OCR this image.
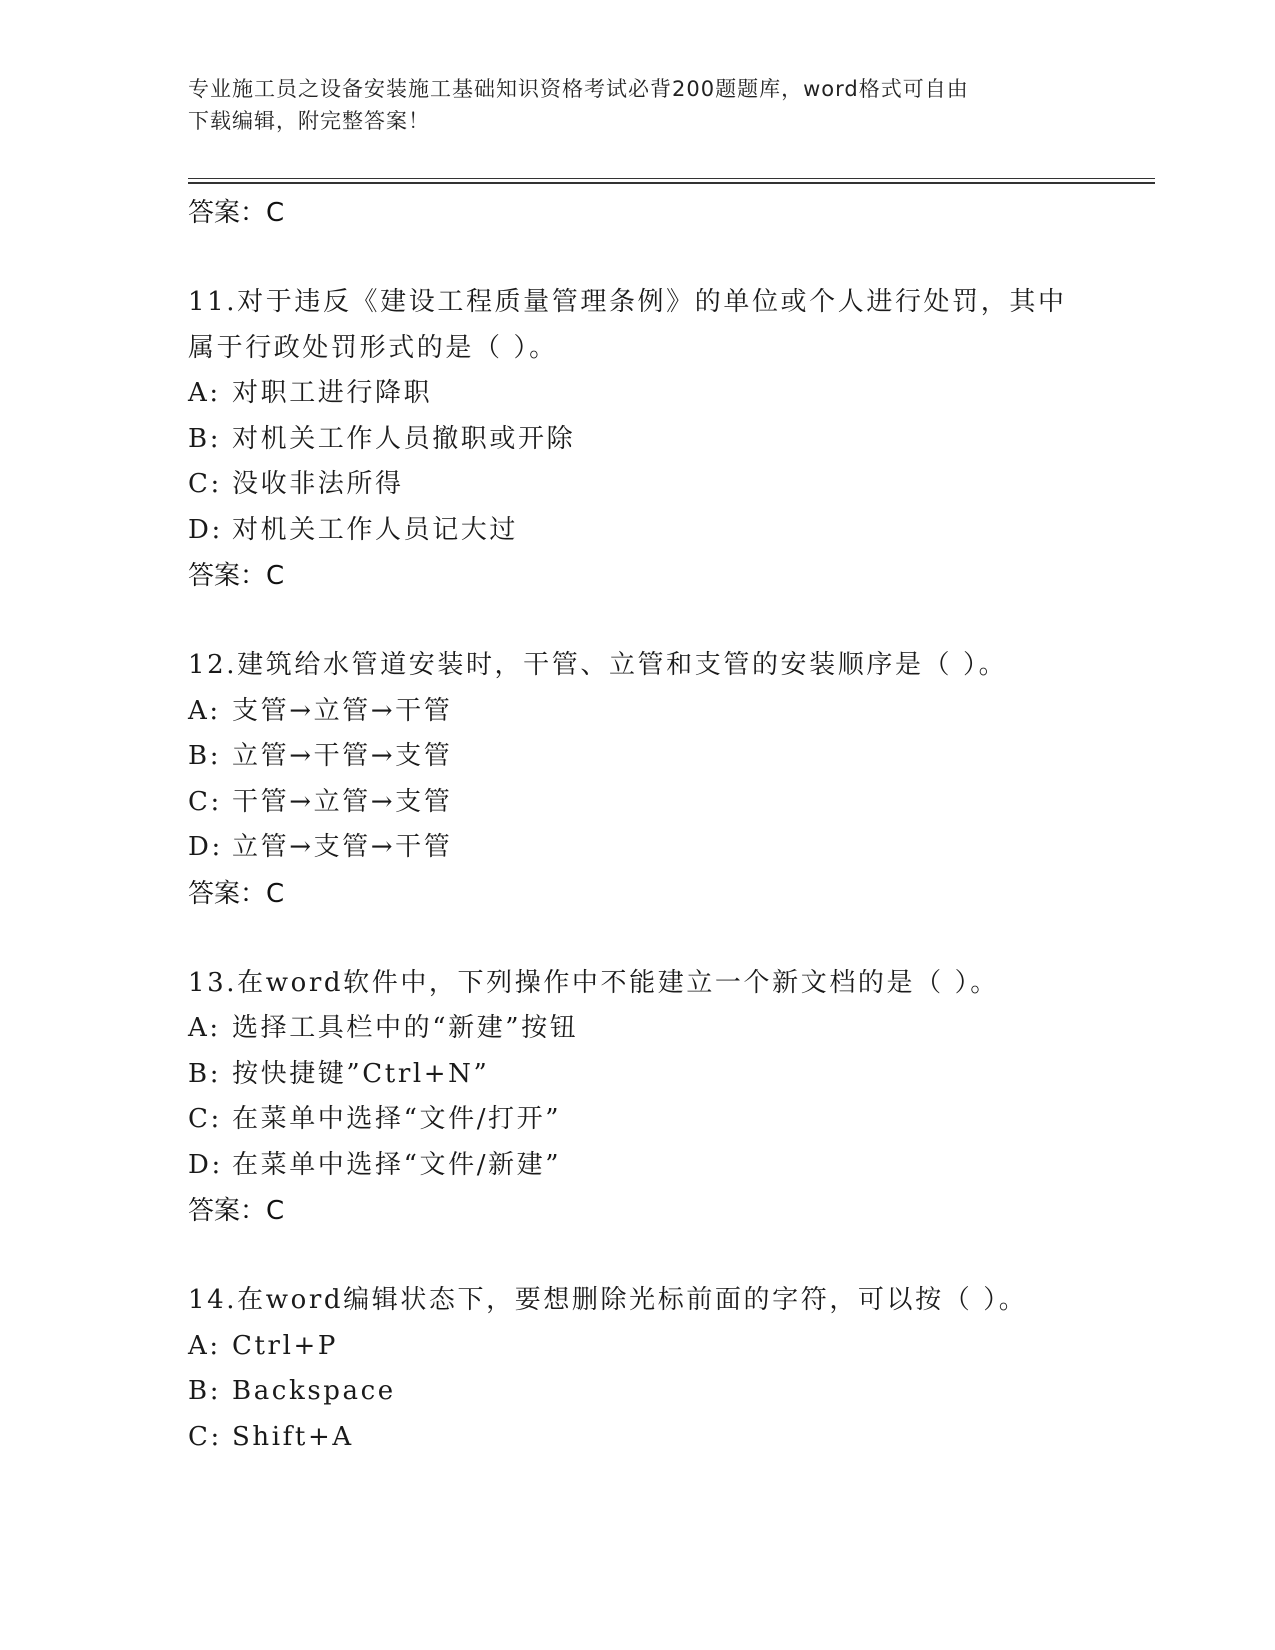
专业施工员之设备安装施工基础知识资格考试必背200题题库，word格式可自由
下载编辑，附完整答案！
答案：C
11.对于违反《建设工程质量管理条例》的单位或个人进行处罚，其中
属于行政处罚形式的是（ ）。
A: 对职工进行降职
B: 对机关工作人员撤职或开除
C: 没收非法所得
D: 对机关工作人员记大过
答案：C
12.建筑给水管道安装时，干管、立管和支管的安装顺序是（ ）。
A: 支管→立管→干管
B: 立管→干管→支管
C: 干管→立管→支管
D: 立管→支管→干管
答案：C
13.在word软件中，下列操作中不能建立一个新文档的是（ ）。
A: 选择工具栏中的“新建”按钮
B: 按快捷键”Ctrl+N”
C: 在菜单中选择“文件/打开”
D: 在菜单中选择“文件/新建”
答案：C
14.在word编辑状态下，要想删除光标前面的字符，可以按（ ）。
A: Ctrl+P
B: Backspace
C: Shift+A
